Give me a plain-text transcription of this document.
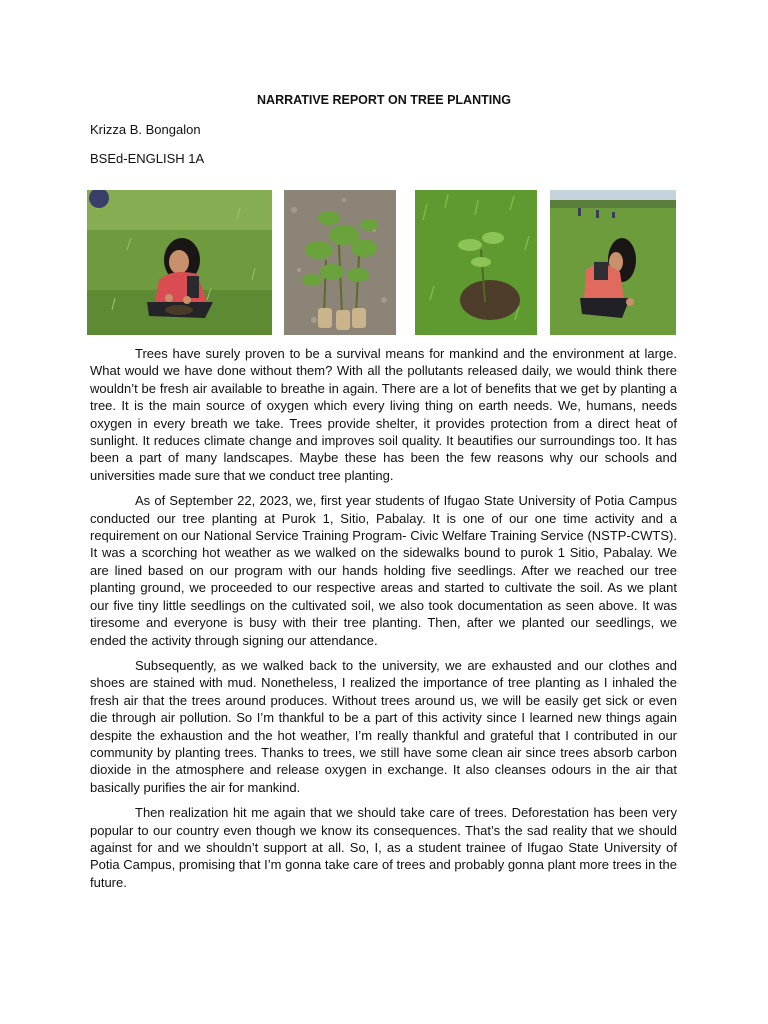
NARRATIVE REPORT ON TREE PLANTING
Krizza B. Bongalon
BSEd-ENGLISH 1A

Trees have surely proven to be a survival means for mankind and the environment at large. What would we have done without them? With all the pollutants released daily, we would think there wouldn’t be fresh air available to breathe in again. There are a lot of benefits that we get by planting a tree. It is the main source of oxygen which every living thing on earth needs. We, humans, needs oxygen in every breath we take. Trees provide shelter, it provides protection from a direct heat of sunlight. It reduces climate change and improves soil quality. It beautifies our surroundings too. It has been a part of many landscapes. Maybe these has been the few reasons why our schools and universities made sure that we conduct tree planting.

As of September 22, 2023, we, first year students of Ifugao State University of Potia Campus conducted our tree planting at Purok 1, Sitio, Pabalay. It is one of our one time activity and a requirement on our National Service Training Program- Civic Welfare Training Service (NSTP-CWTS). It was a scorching hot weather as we walked on the sidewalks bound to purok 1 Sitio, Pabalay. We are lined based on our program with our hands holding five seedlings. After we reached our tree planting ground, we proceeded to our respective areas and started to cultivate the soil. As we plant our five tiny little seedlings on the cultivated soil, we also took documentation as seen above. It was tiresome and everyone is busy with their tree planting. Then, after we planted our seedlings, we ended the activity through signing our attendance.

Subsequently, as we walked back to the university, we are exhausted and our clothes and shoes are stained with mud. Nonetheless, I realized the importance of tree planting as I inhaled the fresh air that the trees around produces. Without trees around us, we will be easily get sick or even die through air pollution. So I’m thankful to be a part of this activity since I learned new things again despite the exhaustion and the hot weather, I’m really thankful and grateful that I contributed in our community by planting trees. Thanks to trees, we still have some clean air since trees absorb carbon dioxide in the atmosphere and release oxygen in exchange. It also cleanses odours in the air that basically purifies the air for mankind.

Then realization hit me again that we should take care of trees. Deforestation has been very popular to our country even though we know its consequences. That’s the sad reality that we should against for and we shouldn’t support at all. So, I, as a student trainee of Ifugao State University of Potia Campus, promising that I’m gonna take care of trees and probably gonna plant more trees in the future.
